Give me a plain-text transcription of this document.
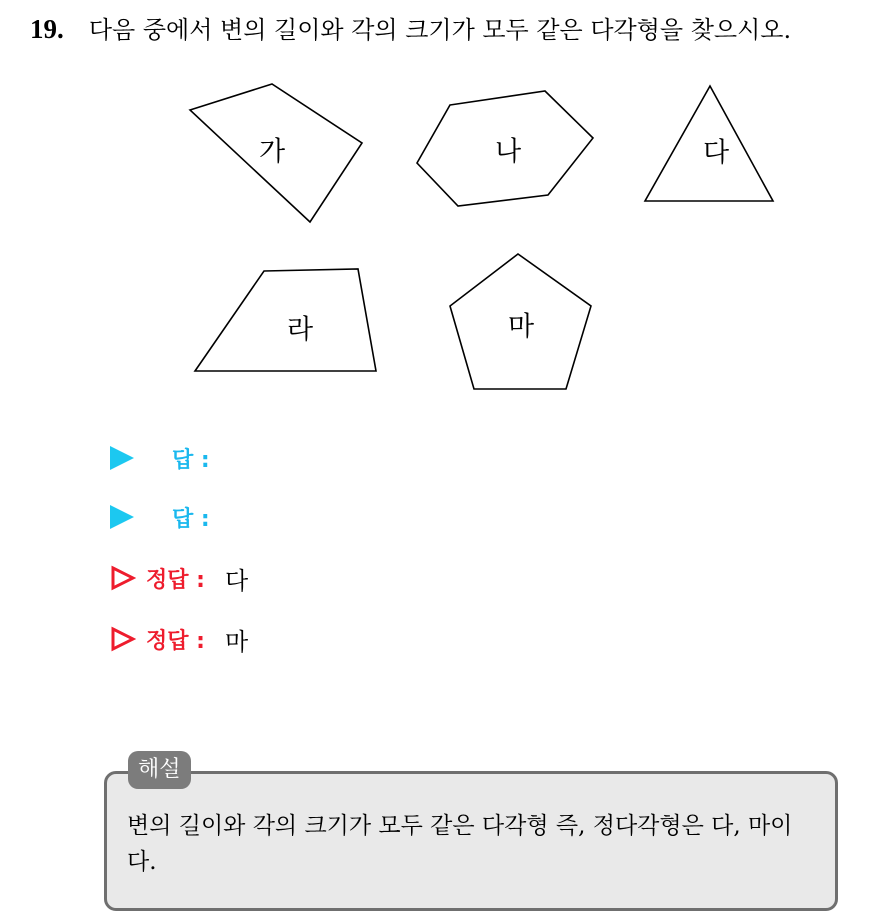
19. 다음 중에서 변의 길이와 각의 크기가 모두 같은 다각형을 찾으시오.
가	나	다
라	마
답 :
답 :
정답 : 다
정답 : 마
변의 길이와 각의 크기가 모두 같은 다각형 즉, 정다각형은 다, 마이다.
해설
